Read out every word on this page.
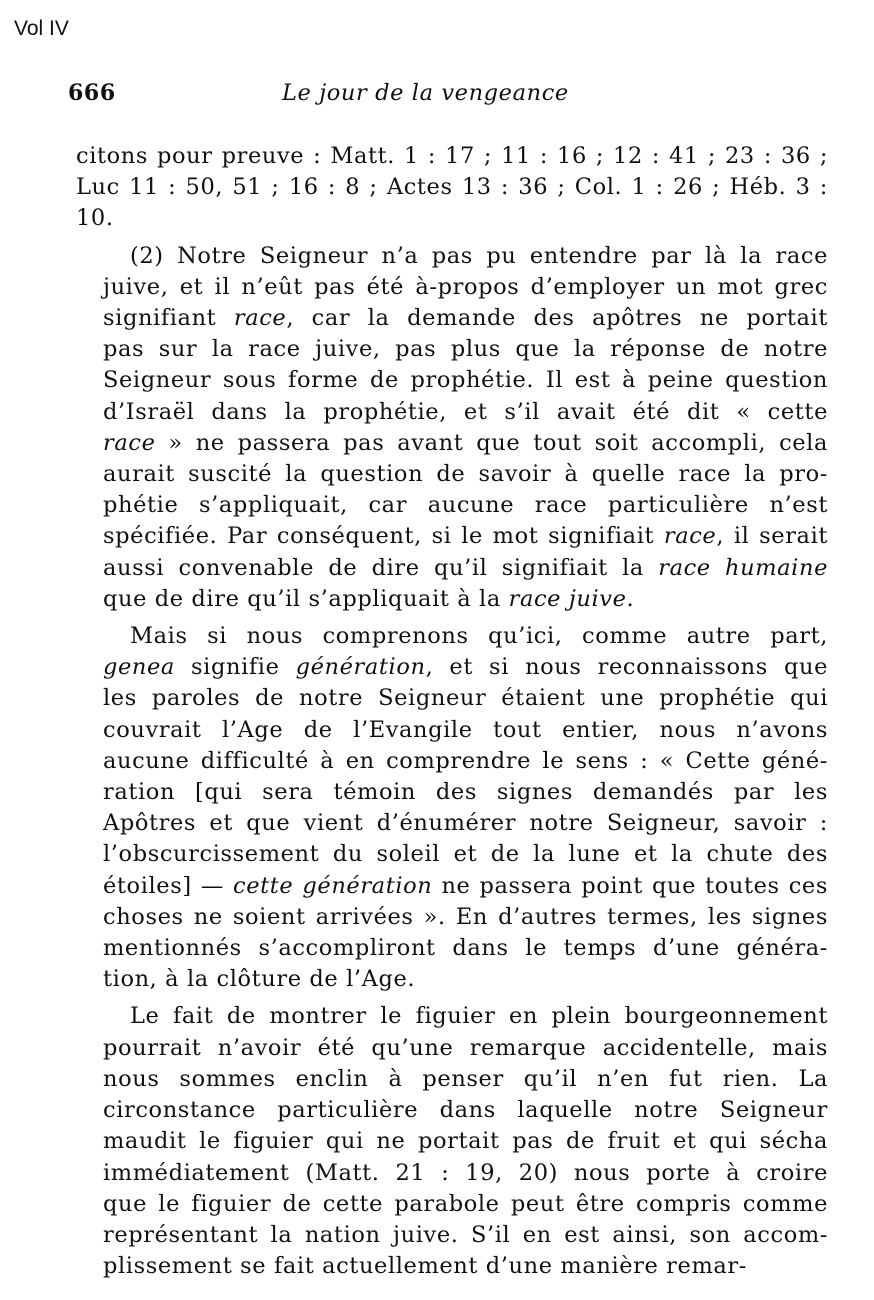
Vol IV
666	Le jour de la vengeance

citons pour preuve : Matt. 1 : 17 ; 11 : 16 ; 12 : 41 ; 23 : 36 ;
Luc 11 : 50, 51 ; 16 : 8 ; Actes 13 : 36 ; Col. 1 : 26 ; Héb. 3 :
10.

(2) Notre Seigneur n’a pas pu entendre par là la race
juive, et il n’eût pas été à-propos d’employer un mot grec
signifiant race, car la demande des apôtres ne portait
pas sur la race juive, pas plus que la réponse de notre
Seigneur sous forme de prophétie. Il est à peine question
d’Israël dans la prophétie, et s’il avait été dit « cette
race » ne passera pas avant que tout soit accompli, cela
aurait suscité la question de savoir à quelle race la pro-
phétie s’appliquait, car aucune race particulière n’est
spécifiée. Par conséquent, si le mot signifiait race, il serait
aussi convenable de dire qu’il signifiait la race humaine
que de dire qu’il s’appliquait à la race juive.

Mais si nous comprenons qu’ici, comme autre part,
genea signifie génération, et si nous reconnaissons que
les paroles de notre Seigneur étaient une prophétie qui
couvrait l’Age de l’Evangile tout entier, nous n’avons
aucune difficulté à en comprendre le sens : « Cette géné-
ration [qui sera témoin des signes demandés par les
Apôtres et que vient d’énumérer notre Seigneur, savoir :
l’obscurcissement du soleil et de la lune et la chute des
étoiles] — cette génération ne passera point que toutes ces
choses ne soient arrivées ». En d’autres termes, les signes
mentionnés s’accompliront dans le temps d’une généra-
tion, à la clôture de l’Age.

Le fait de montrer le figuier en plein bourgeonnement
pourrait n’avoir été qu’une remarque accidentelle, mais
nous sommes enclin à penser qu’il n’en fut rien. La
circonstance particulière dans laquelle notre Seigneur
maudit le figuier qui ne portait pas de fruit et qui sécha
immédiatement (Matt. 21 : 19, 20) nous porte à croire
que le figuier de cette parabole peut être compris comme
représentant la nation juive. S’il en est ainsi, son accom-
plissement se fait actuellement d’une manière remar-
